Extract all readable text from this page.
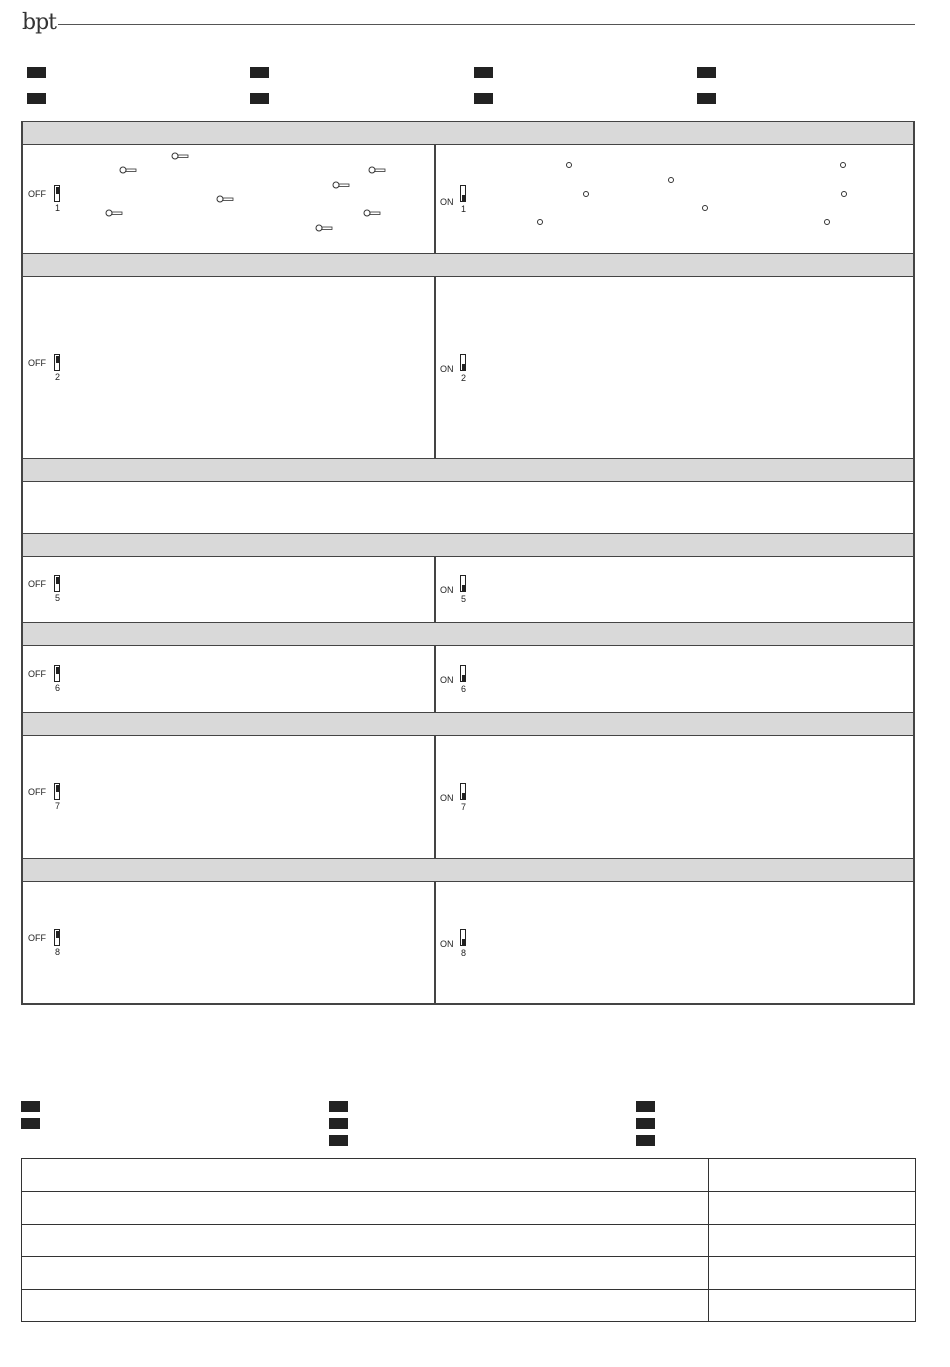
bpt
OFF
1
ON
1
OFF
2
ON
2
OFF
5
ON
5
OFF
6
ON
6
OFF
7
ON
7
OFF
8
ON
8
